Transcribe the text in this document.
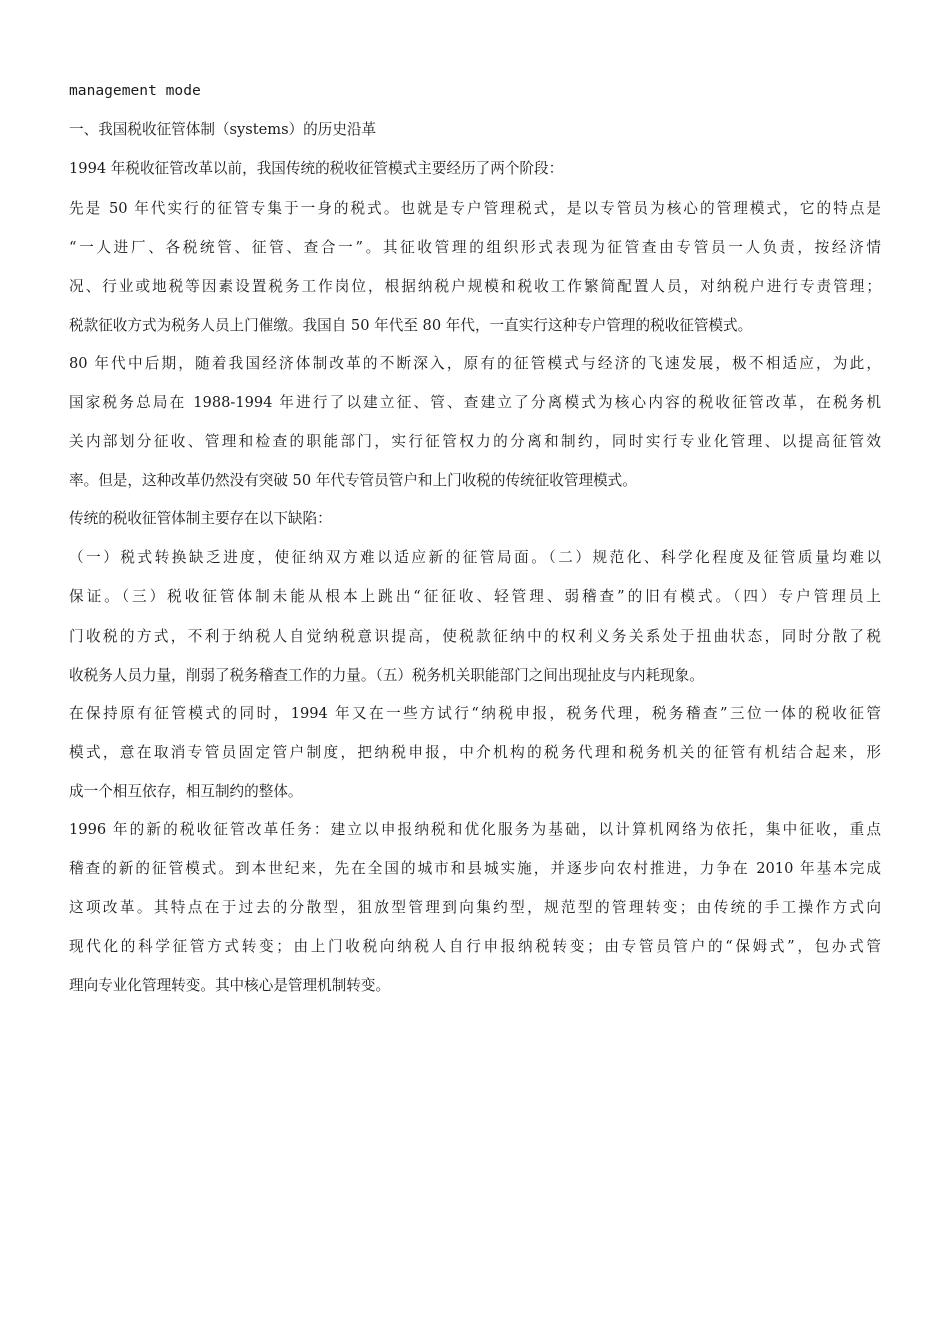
management mode
一、我国税收征管体制（systems）的历史沿革
1994 年税收征管改革以前，我国传统的税收征管模式主要经历了两个阶段：
先是 50 年代实行的征管专集于一身的税式。也就是专户管理税式，是以专管员为核心的管理模式，它的特点是
“一人进厂、各税统管、征管、查合一”。其征收管理的组织形式表现为征管查由专管员一人负责，按经济情
况、行业或地税等因素设置税务工作岗位，根据纳税户规模和税收工作繁简配置人员，对纳税户进行专责管理；
税款征收方式为税务人员上门催缴。我国自 50 年代至 80 年代，一直实行这种专户管理的税收征管模式。
80 年代中后期，随着我国经济体制改革的不断深入，原有的征管模式与经济的飞速发展，极不相适应，为此，
国家税务总局在 1988-1994 年进行了以建立征、管、查建立了分离模式为核心内容的税收征管改革，在税务机
关内部划分征收、管理和检查的职能部门，实行征管权力的分离和制约，同时实行专业化管理、以提高征管效
率。但是，这种改革仍然没有突破 50 年代专管员管户和上门收税的传统征收管理模式。
传统的税收征管体制主要存在以下缺陷：
（一）税式转换缺乏进度，使征纳双方难以适应新的征管局面。（二）规范化、科学化程度及征管质量均难以
保证。（三）税收征管体制未能从根本上跳出“征征收、轻管理、弱稽查”的旧有模式。（四）专户管理员上
门收税的方式，不利于纳税人自觉纳税意识提高，使税款征纳中的权利义务关系处于扭曲状态，同时分散了税
收税务人员力量，削弱了税务稽查工作的力量。（五）税务机关职能部门之间出现扯皮与内耗现象。
在保持原有征管模式的同时，1994 年又在一些方试行“纳税申报，税务代理，税务稽查”三位一体的税收征管
模式，意在取消专管员固定管户制度，把纳税申报，中介机构的税务代理和税务机关的征管有机结合起来，形
成一个相互依存，相互制约的整体。
1996 年的新的税收征管改革任务：建立以申报纳税和优化服务为基础，以计算机网络为依托，集中征收，重点
稽查的新的征管模式。到本世纪来，先在全国的城市和县城实施，并逐步向农村推进，力争在 2010 年基本完成
这项改革。其特点在于过去的分散型，狙放型管理到向集约型，规范型的管理转变；由传统的手工操作方式向
现代化的科学征管方式转变；由上门收税向纳税人自行申报纳税转变；由专管员管户的“保姆式”，包办式管
理向专业化管理转变。其中核心是管理机制转变。
